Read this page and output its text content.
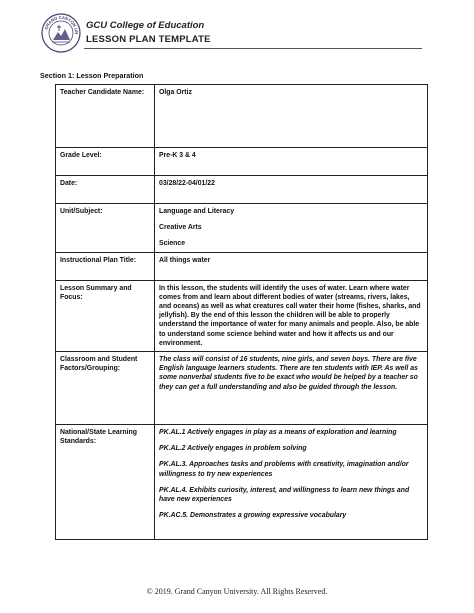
GRAND CANYON UN
GCU College of Education
LESSON PLAN TEMPLATE
Section 1: Lesson Preparation
Teacher Candidate Name:	Olga Ortiz
Grade Level:	Pre-K 3 & 4
Date:	03/28/22-04/01/22
Unit/Subject:	Language and Literacy
Creative Arts
Science

Instructional Plan Title:	All things water
Lesson Summary and Focus:	In this lesson, the students will identify the uses of water. Learn where water comes from and learn about different bodies of water (streams, rivers, lakes, and oceans) as well as what creatures call water their home (fishes, sharks, and jellyfish). By the end of this lesson the children will be able to properly understand the importance of water for many animals and people. Also, be able to understand some science behind water and how it affects us and our environment.
Classroom and Student Factors/Grouping:	The class will consist of 16 students, nine girls, and seven boys. There are five English language learners students. There are ten students with IEP. As well as some nonverbal students five to be exact who would be helped by a teacher so they can get a full understanding and also be guided through the lesson.
National/State Learning Standards:	PK.AL.1 Actively engages in play as a means of exploration and learning
PK.AL.2 Actively engages in problem solving
PK.AL.3. Approaches tasks and problems with creativity, imagination and/or willingness to try new experiences
PK.AL.4. Exhibits curiosity, interest, and willingness to learn new things and have new experiences
PK.AC.5. Demonstrates a growing expressive vocabulary
© 2019. Grand Canyon University. All Rights Reserved.
